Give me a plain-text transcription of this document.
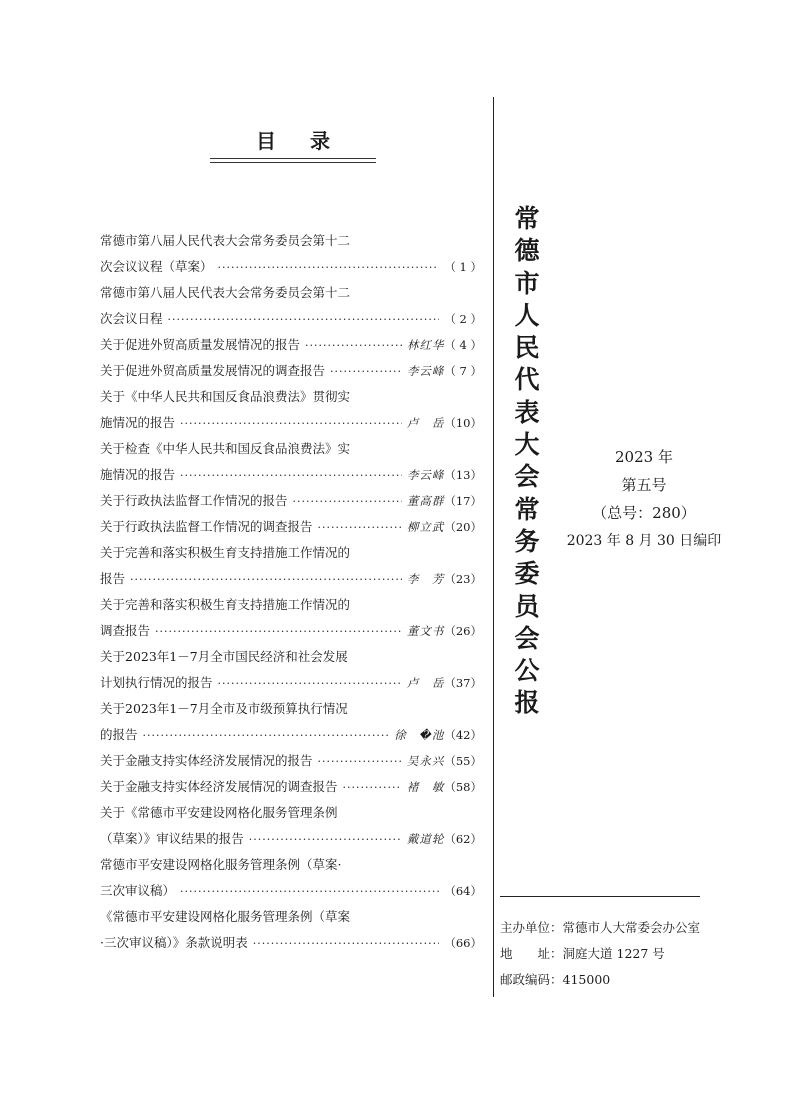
目录
常德市第八届人民代表大会常务委员会第十二
次会议议程（草案） ·····	（ 1 ）
常德市第八届人民代表大会常务委员会第十二
次会议日程 ·····	（ 2 ）
关于促进外贸高质量发展情况的报告 ·····	林红华 （ 4 ）
关于促进外贸高质量发展情况的调查报告 ·····	李云峰 （ 7 ）
关于《中华人民共和国反食品浪费法》贯彻实
施情况的报告 ·····	卢　岳 （10）
关于检查《中华人民共和国反食品浪费法》实
施情况的报告 ·····	李云峰 （13）
关于行政执法监督工作情况的报告 ·····	董高群 （17）
关于行政执法监督工作情况的调查报告 ·····	柳立武 （20）
关于完善和落实积极生育支持措施工作情况的
报告 ·····	李　芳 （23）
关于完善和落实积极生育支持措施工作情况的
调查报告 ·····	董文书 （26）
关于2023年1－7月全市国民经济和社会发展
计划执行情况的报告 ·····	卢　岳 （37）
关于2023年1－7月全市及市级预算执行情况
的报告 ·····	徐　�池 （42）
关于金融支持实体经济发展情况的报告 ·····	吴永兴 （55）
关于金融支持实体经济发展情况的调查报告 ·····	褚　敏 （58）
关于《常德市平安建设网格化服务管理条例
（草案）》审议结果的报告 ·····	戴道轮 （62）
常德市平安建设网格化服务管理条例（草案·
三次审议稿） ·····	（64）
《常德市平安建设网格化服务管理条例（草案
·三次审议稿）》条款说明表 ·····	（66）
常
德
市
人
民
代
表
大
会
常
务
委
员
会
公
报
2023 年
第五号
（总号：280）
2023 年 8 月 30 日编印
主办单位：常德市人大常委会办公室
地　　址：洞庭大道 1227 号
邮政编码：415000
